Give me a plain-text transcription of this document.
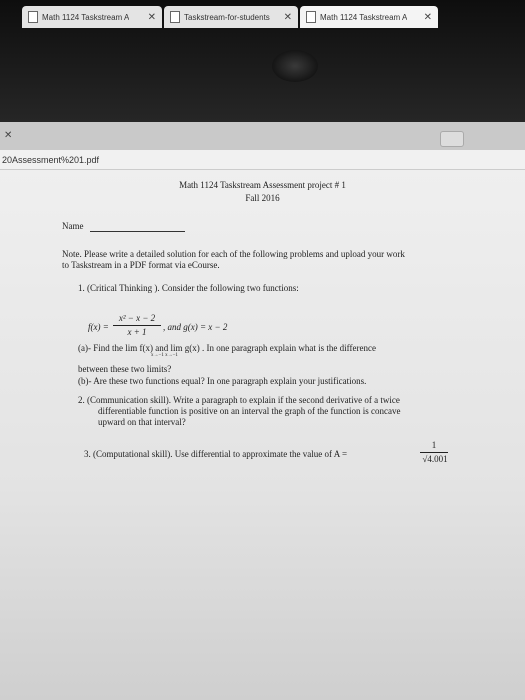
✕
Math 1124 Taskstream A ✕	Taskstream-for-students ✕	Math 1124 Taskstream A ✕
20Assessment%201.pdf
Math 1124 Taskstream Assessment project # 1
Fall 2016
Name
Note. Please write a detailed solution for each of the following problems and upload your work
to Taskstream in a PDF format via eCourse.
1. (Critical Thinking ). Consider the following two functions:
f(x) =
x² − x − 2
x + 1	, and g(x) = x − 2
(a)- Find the lim f(x) and lim g(x) . In one paragraph explain what is the difference
x→−1 x→−1
between these two limits?
(b)- Are these two functions equal? In one paragraph explain your justifications.
2. (Communication skill). Write a paragraph to explain if the second derivative of a twice
differentiable function is positive on an interval the graph of the function is concave
upward on that interval?
3. (Computational skill). Use differential to approximate the value of A =
1
√4.001
